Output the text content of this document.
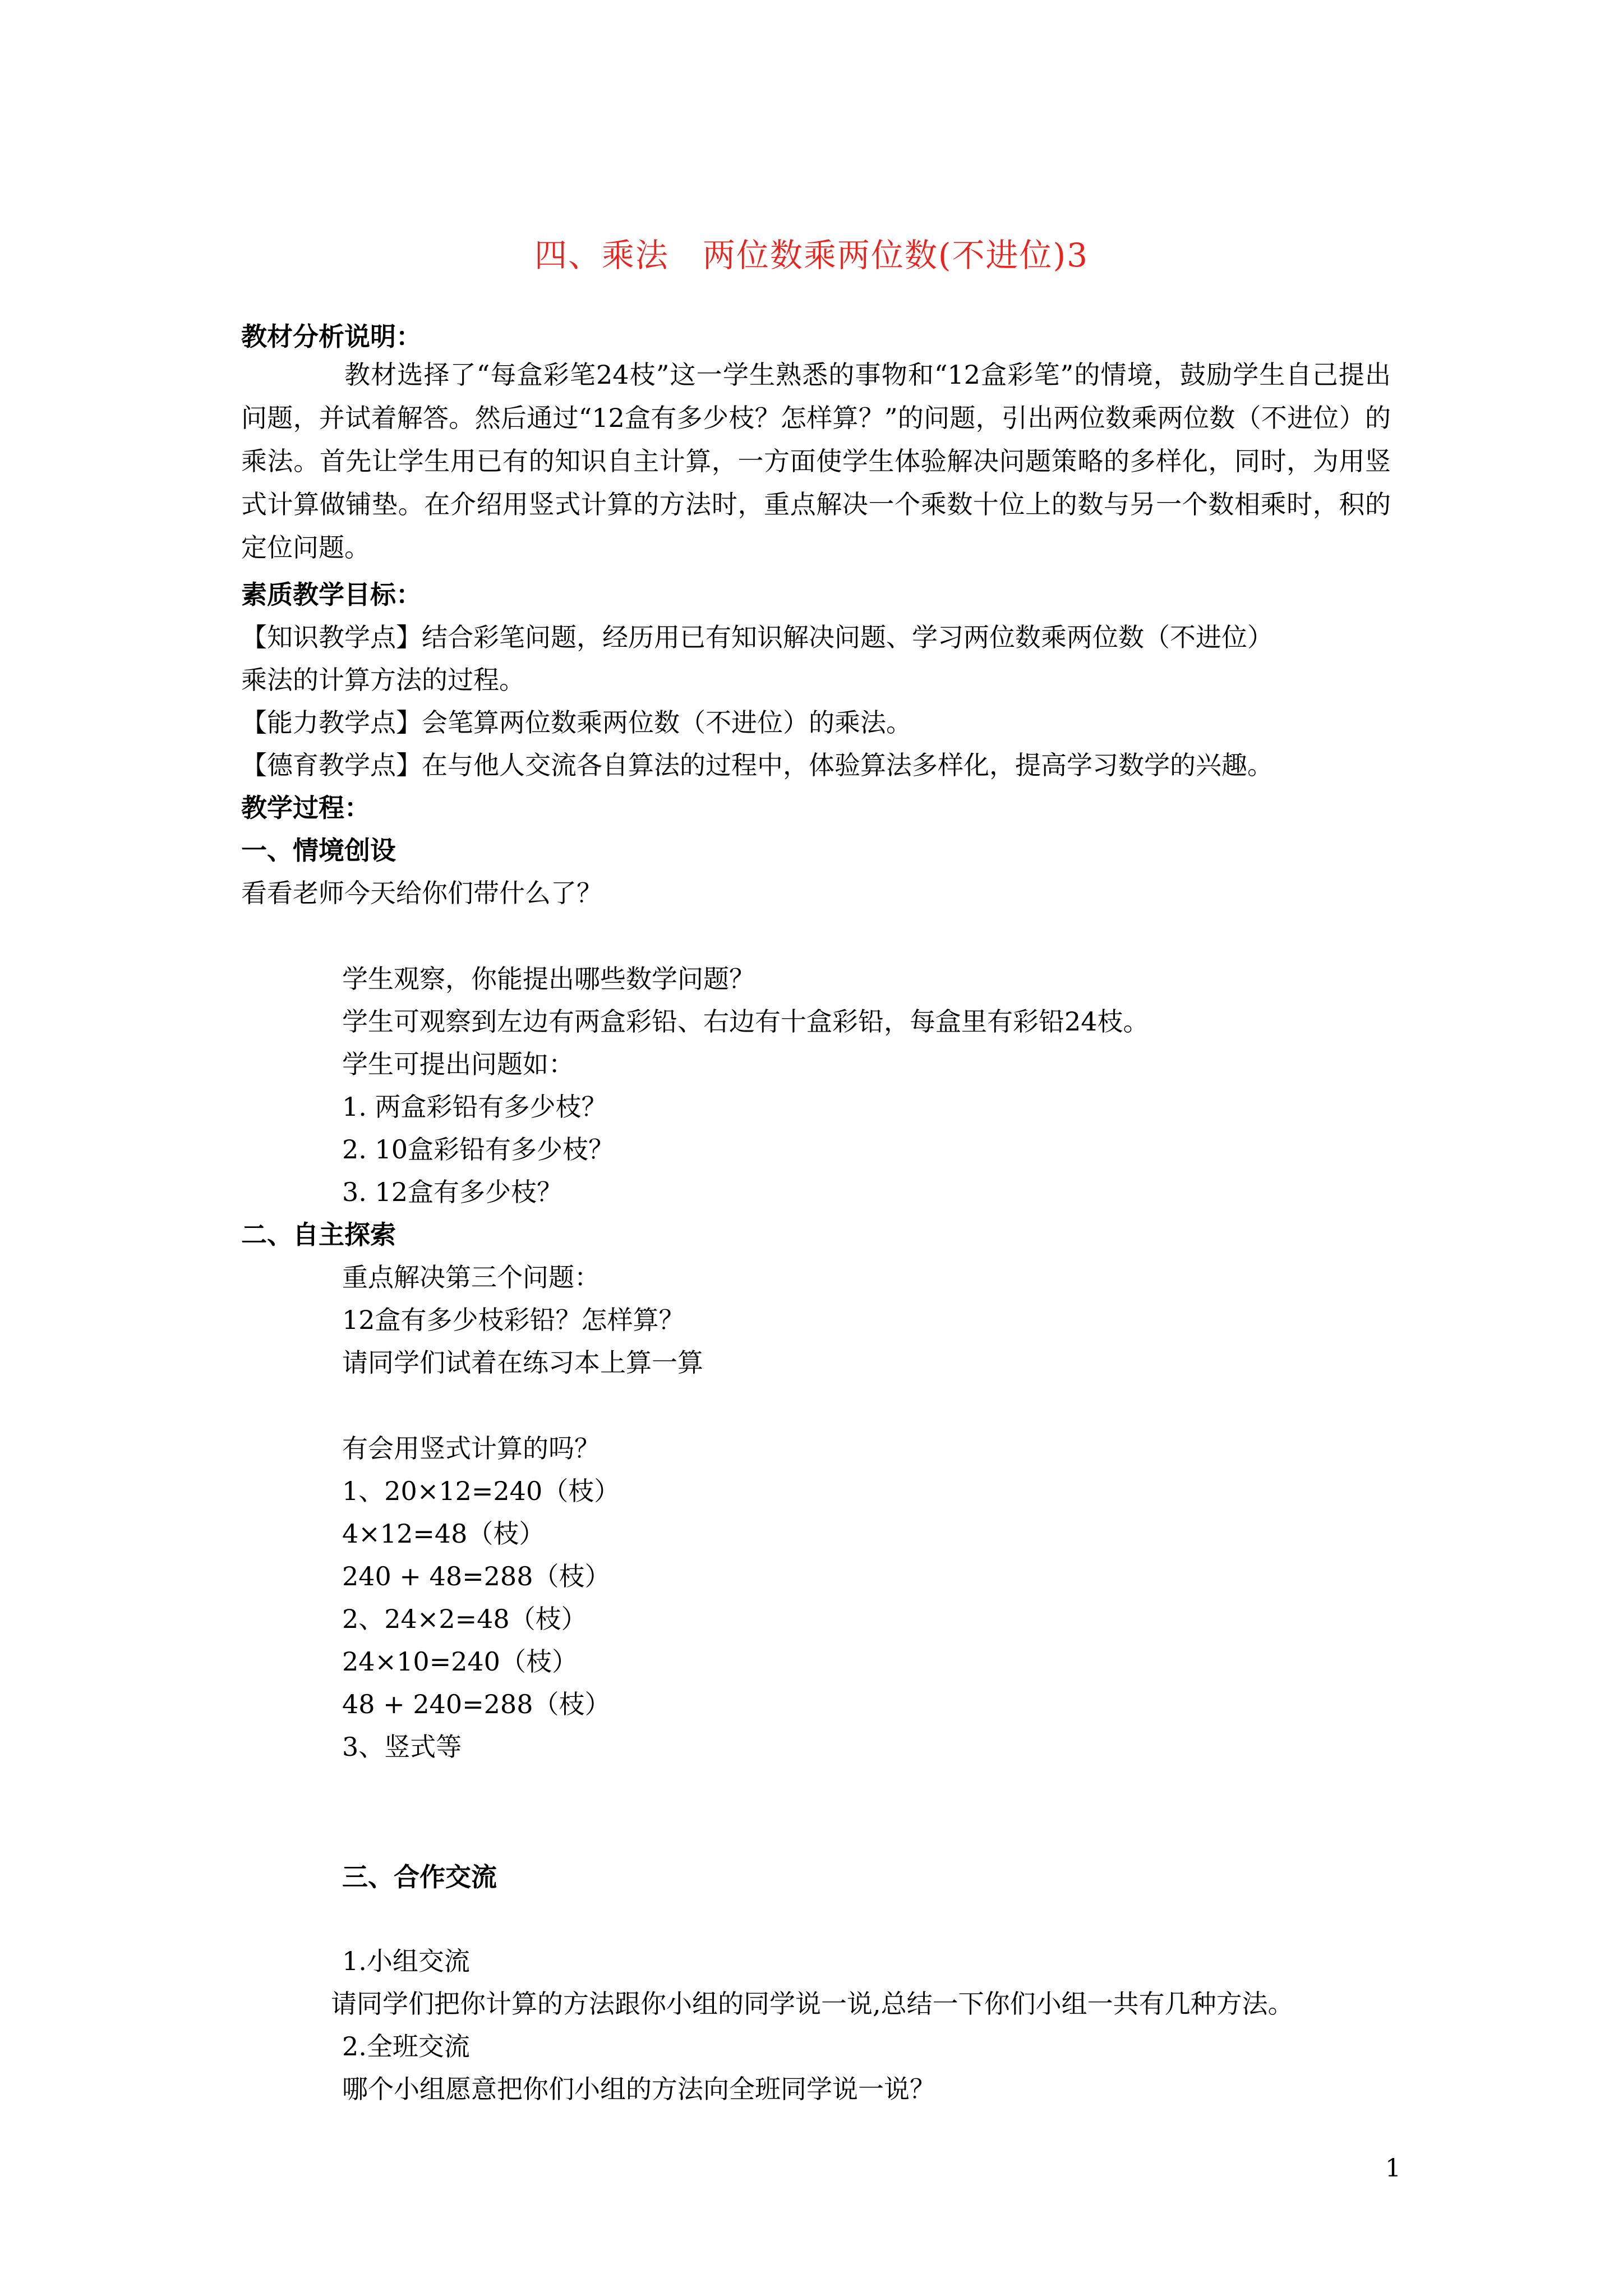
四、乘法　两位数乘两位数(不进位)3
教材分析说明：
教材选择了“每盒彩笔24枝”这一学生熟悉的事物和“12盒彩笔”的情境，鼓励学生自己提出问题，并试着解答。然后通过“12盒有多少枝？怎样算？”的问题，引出两位数乘两位数（不进位）的乘法。首先让学生用已有的知识自主计算，一方面使学生体验解决问题策略的多样化，同时，为用竖式计算做铺垫。在介绍用竖式计算的方法时，重点解决一个乘数十位上的数与另一个数相乘时，积的定位问题。
素质教学目标：
【知识教学点】结合彩笔问题，经历用已有知识解决问题、学习两位数乘两位数（不进位）
乘法的计算方法的过程。
【能力教学点】会笔算两位数乘两位数（不进位）的乘法。
【德育教学点】在与他人交流各自算法的过程中，体验算法多样化，提高学习数学的兴趣。
教学过程：
一、情境创设
看看老师今天给你们带什么了？
学生观察，你能提出哪些数学问题？
学生可观察到左边有两盒彩铅、右边有十盒彩铅，每盒里有彩铅24枝。
学生可提出问题如：
1. 两盒彩铅有多少枝？
2. 10盒彩铅有多少枝？
3. 12盒有多少枝？
二、自主探索
重点解决第三个问题：
12盒有多少枝彩铅？怎样算？
请同学们试着在练习本上算一算
有会用竖式计算的吗？
1、20×12=240（枝）
4×12=48（枝）
240 + 48=288（枝）
2、24×2=48（枝）
24×10=240（枝）
48 + 240=288（枝）
3、竖式等
三、合作交流
1.小组交流
请同学们把你计算的方法跟你小组的同学说一说,总结一下你们小组一共有几种方法。
2.全班交流
哪个小组愿意把你们小组的方法向全班同学说一说？
1
